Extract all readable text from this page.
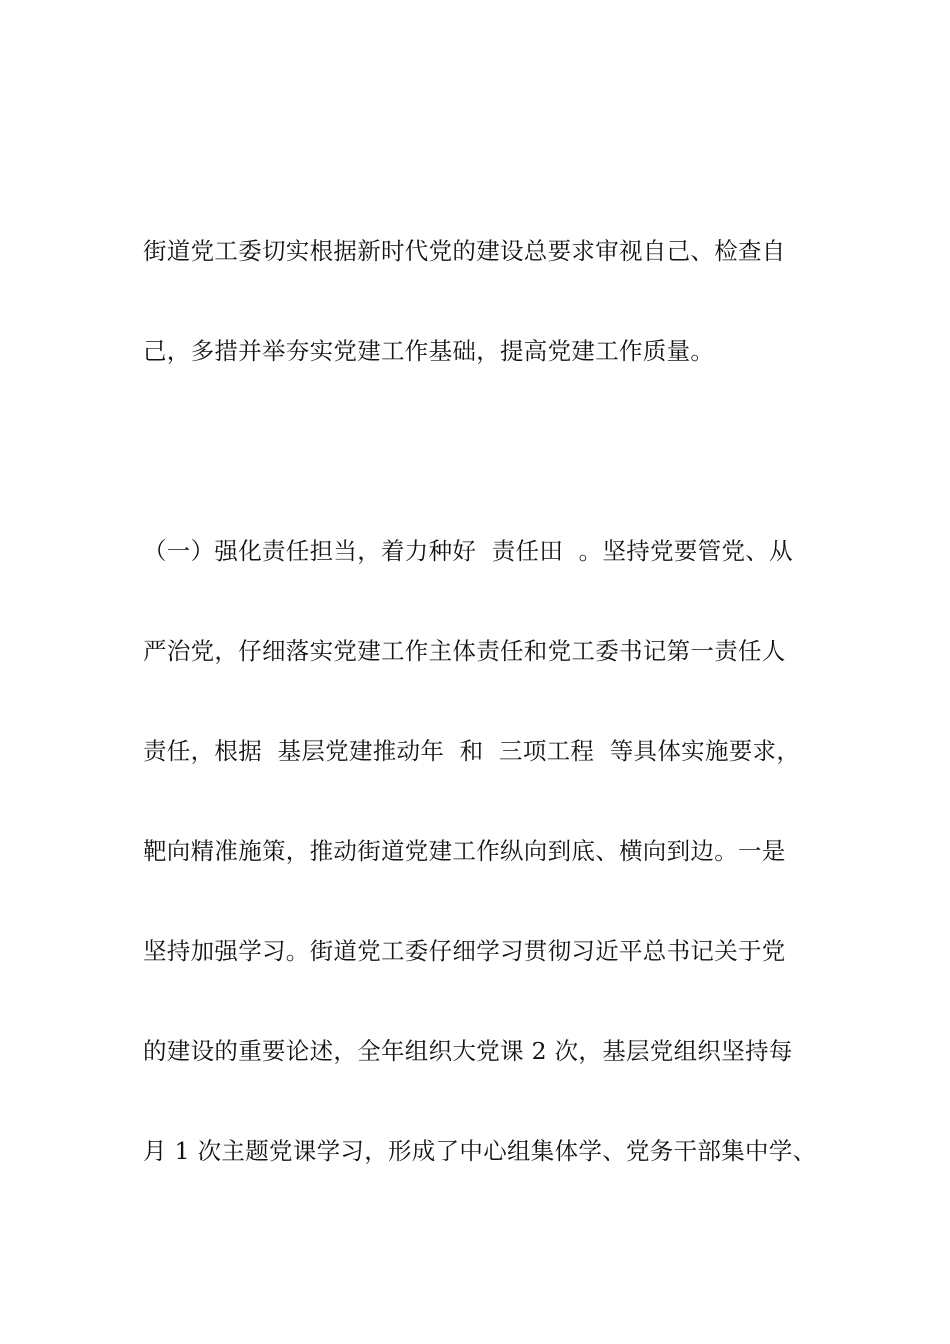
街道党工委切实根据新时代党的建设总要求审视自己、检查自
己，多措并举夯实党建工作基础，提高党建工作质量。
（一）强化责任担当，着力种好  责任田  。坚持党要管党、从
严治党，仔细落实党建工作主体责任和党工委书记第一责任人
责任，根据  基层党建推动年  和  三项工程  等具体实施要求，
靶向精准施策，推动街道党建工作纵向到底、横向到边。一是
坚持加强学习。街道党工委仔细学习贯彻习近平总书记关于党
的建设的重要论述，全年组织大党课 2 次，基层党组织坚持每
月 1 次主题党课学习，形成了中心组集体学、党务干部集中学、
